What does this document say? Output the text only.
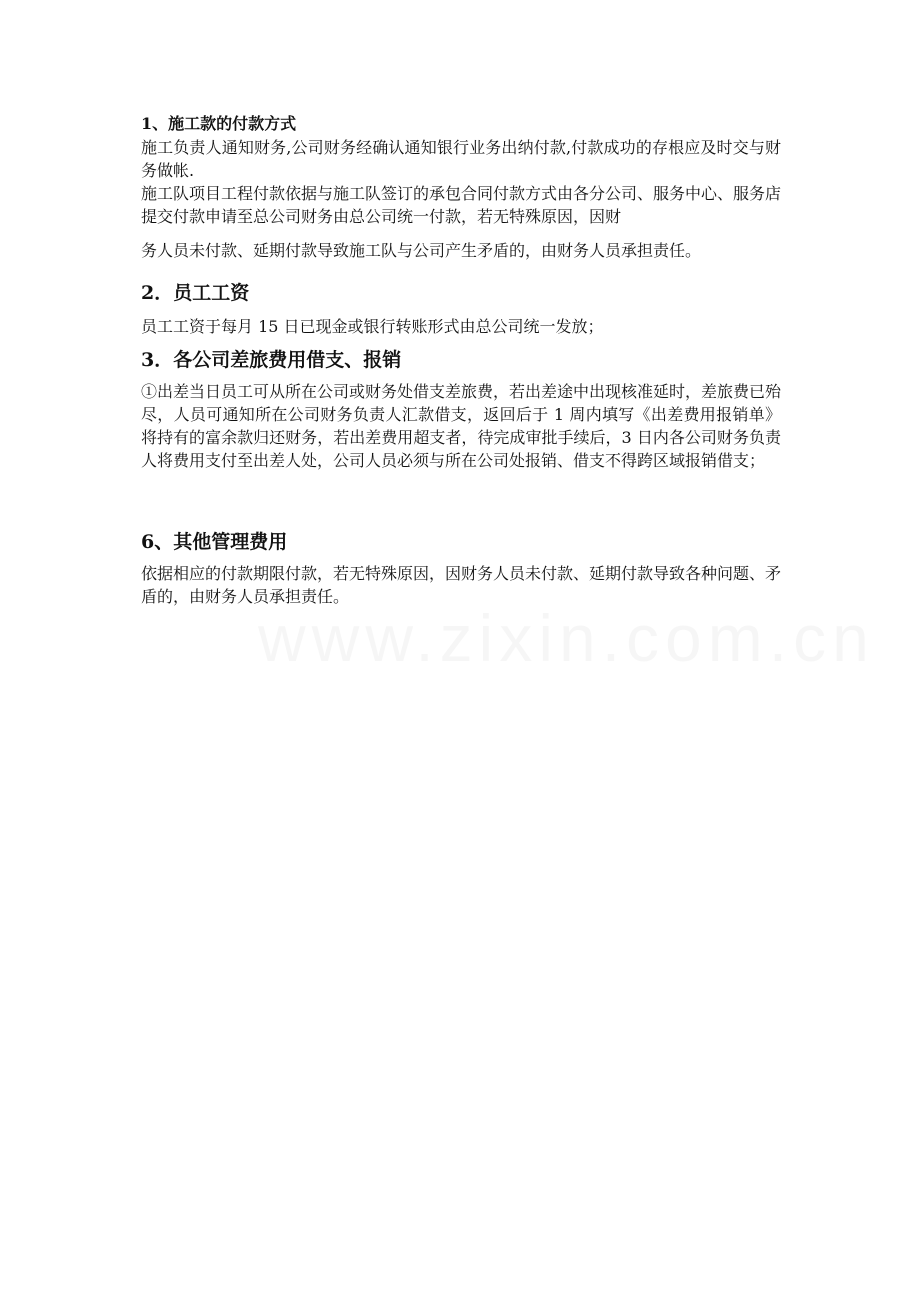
1、施工款的付款方式

施工负责人通知财务,公司财务经确认通知银行业务出纳付款,付款成功的存根应及时交与财务做帐.

施工队项目工程付款依据与施工队签订的承包合同付款方式由各分公司、服务中心、服务店提交付款申请至总公司财务由总公司统一付款，若无特殊原因，因财

务人员未付款、延期付款导致施工队与公司产生矛盾的，由财务人员承担责任。

2．员工工资

员工工资于每月 15 日已现金或银行转账形式由总公司统一发放；

3．各公司差旅费用借支、报销

①出差当日员工可从所在公司或财务处借支差旅费，若出差途中出现核准延时，差旅费已殆尽，人员可通知所在公司财务负责人汇款借支，返回后于 1 周内填写《出差费用报销单》将持有的富余款归还财务，若出差费用超支者，待完成审批手续后，3 日内各公司财务负责人将费用支付至出差人处，公司人员必须与所在公司处报销、借支不得跨区域报销借支；

6、其他管理费用

依据相应的付款期限付款，若无特殊原因，因财务人员未付款、延期付款导致各种问题、矛盾的，由财务人员承担责任。
